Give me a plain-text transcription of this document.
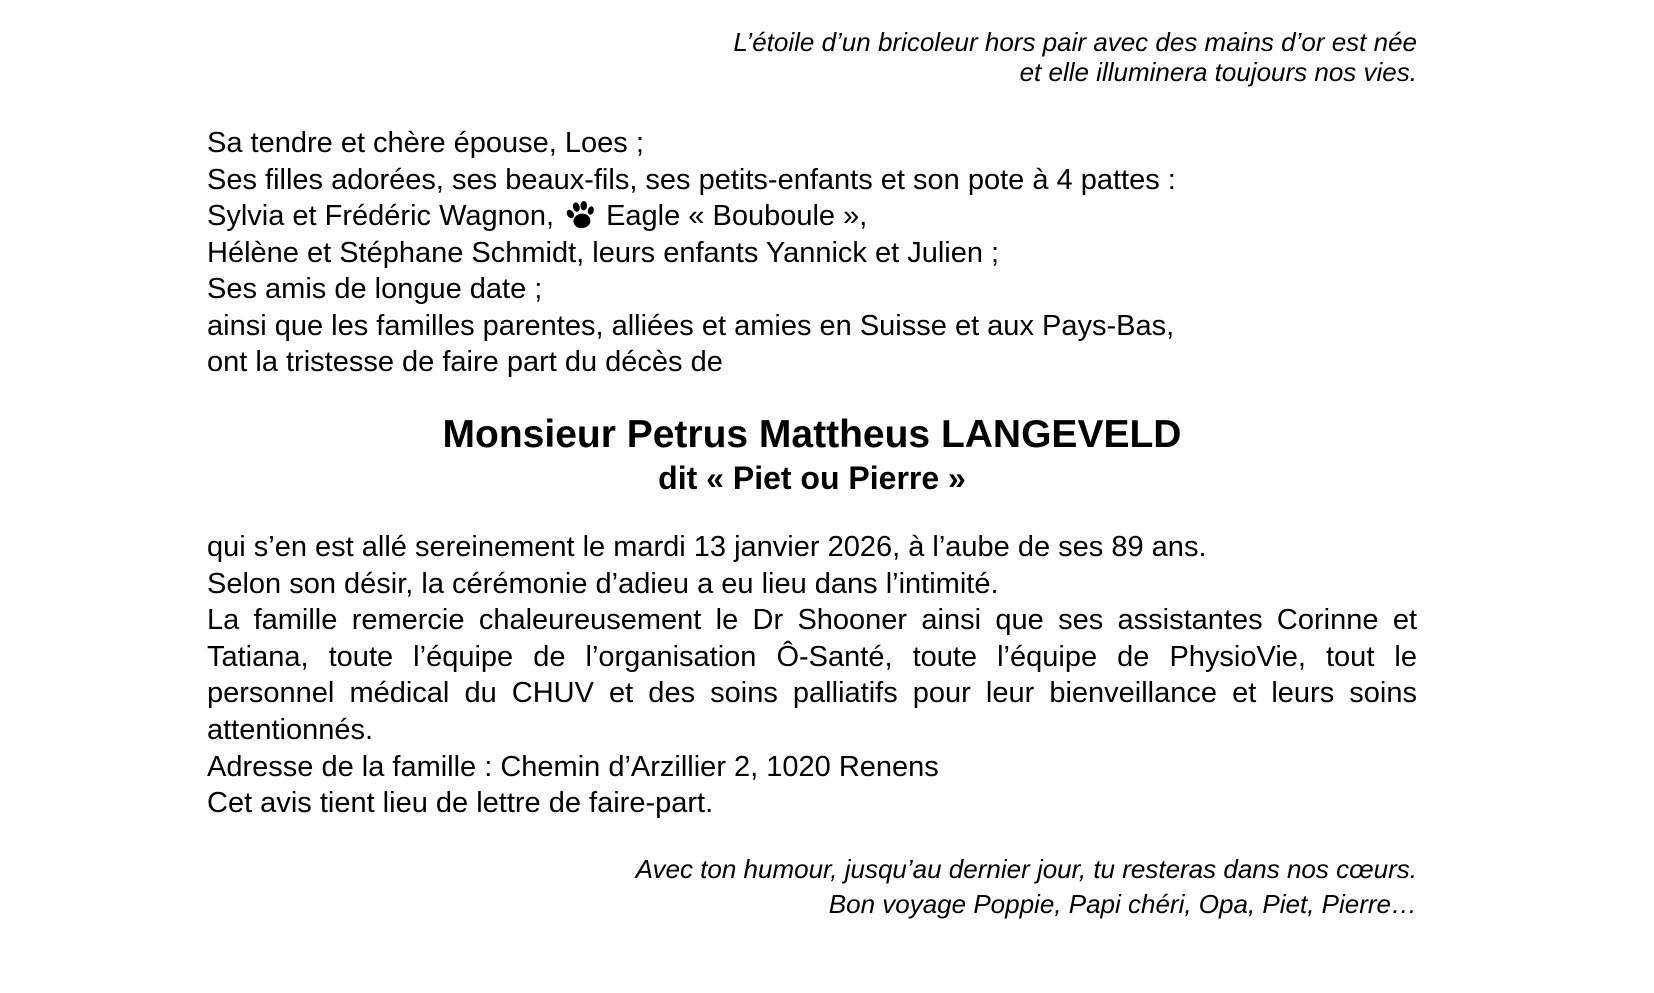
L’étoile d’un bricoleur hors pair avec des mains d’or est née
et elle illuminera toujours nos vies.

Sa tendre et chère épouse, Loes ;

Ses filles adorées, ses beaux-fils, ses petits-enfants et son pote à 4 pattes :

Sylvia et Frédéric Wagnon, Eagle « Bouboule »,

Hélène et Stéphane Schmidt, leurs enfants Yannick et Julien ;

Ses amis de longue date ;

ainsi que les familles parentes, alliées et amies en Suisse et aux Pays-Bas,

ont la tristesse de faire part du décès de

Monsieur Petrus Mattheus LANGEVELD
dit « Piet ou Pierre »

qui s’en est allé sereinement le mardi 13 janvier 2026, à l’aube de ses 89 ans.

Selon son désir, la cérémonie d’adieu a eu lieu dans l’intimité.

La famille remercie chaleureusement le Dr Shooner ainsi que ses assistantes Corinne et Tatiana, toute l’équipe de l’organisation Ô-Santé, toute l’équipe de PhysioVie, tout le personnel médical du CHUV et des soins palliatifs pour leur bienveillance et leurs soins attentionnés.

Adresse de la famille : Chemin d’Arzillier 2, 1020 Renens

Cet avis tient lieu de lettre de faire-part.

Avec ton humour, jusqu’au dernier jour, tu resteras dans nos cœurs.
Bon voyage Poppie, Papi chéri, Opa, Piet, Pierre…
